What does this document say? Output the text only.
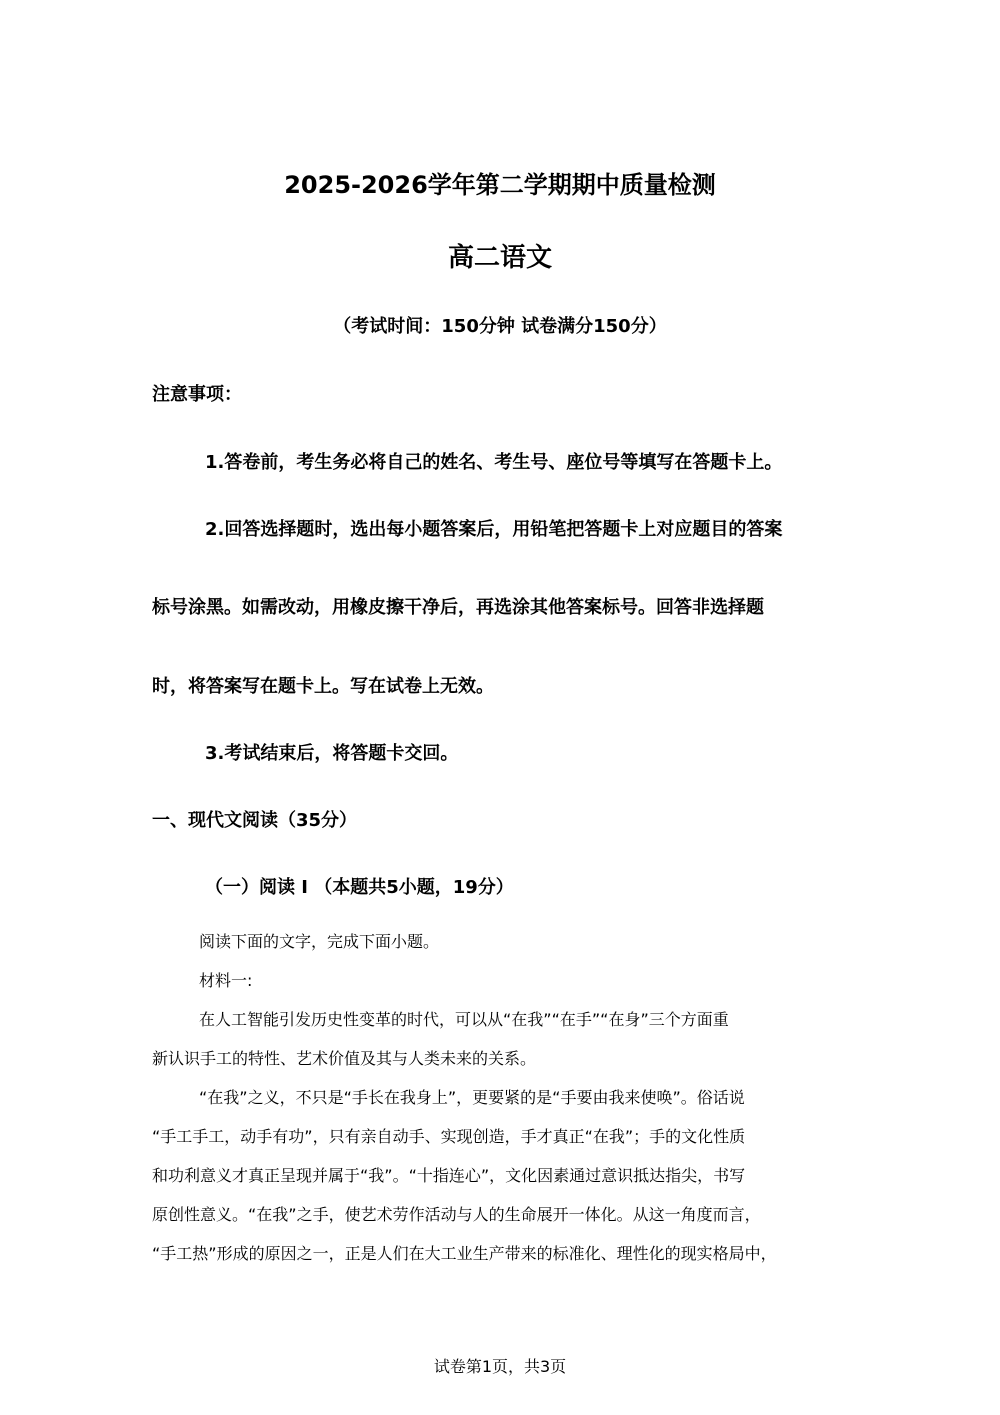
2025-2026学年第二学期期中质量检测
高二语文
（考试时间：150分钟 试卷满分150分）
注意事项：
1.答卷前，考生务必将自己的姓名、考生号、座位号等填写在答题卡上。
2.回答选择题时，选出每小题答案后，用铅笔把答题卡上对应题目的答案
标号涂黑。如需改动，用橡皮擦干净后，再选涂其他答案标号。回答非选择题
时，将答案写在题卡上。写在试卷上无效。
3.考试结束后，将答题卡交回。
一、现代文阅读（35分）
（一）阅读 I （本题共5小题，19分）
阅读下面的文字，完成下面小题。
材料一:
在人工智能引发历史性变革的时代，可以从“在我”“在手”“在身”三个方面重
新认识手工的特性、艺术价值及其与人类未来的关系。
“在我”之义，不只是“手长在我身上”，更要紧的是“手要由我来使唤”。俗话说
“手工手工，动手有功”，只有亲自动手、实现创造，手才真正“在我”；手的文化性质
和功利意义才真正呈现并属于“我”。“十指连心”，文化因素通过意识抵达指尖，书写
原创性意义。“在我”之手，使艺术劳作活动与人的生命展开一体化。从这一角度而言，
“手工热”形成的原因之一，正是人们在大工业生产带来的标准化、理性化的现实格局中，
试卷第1页，共3页
